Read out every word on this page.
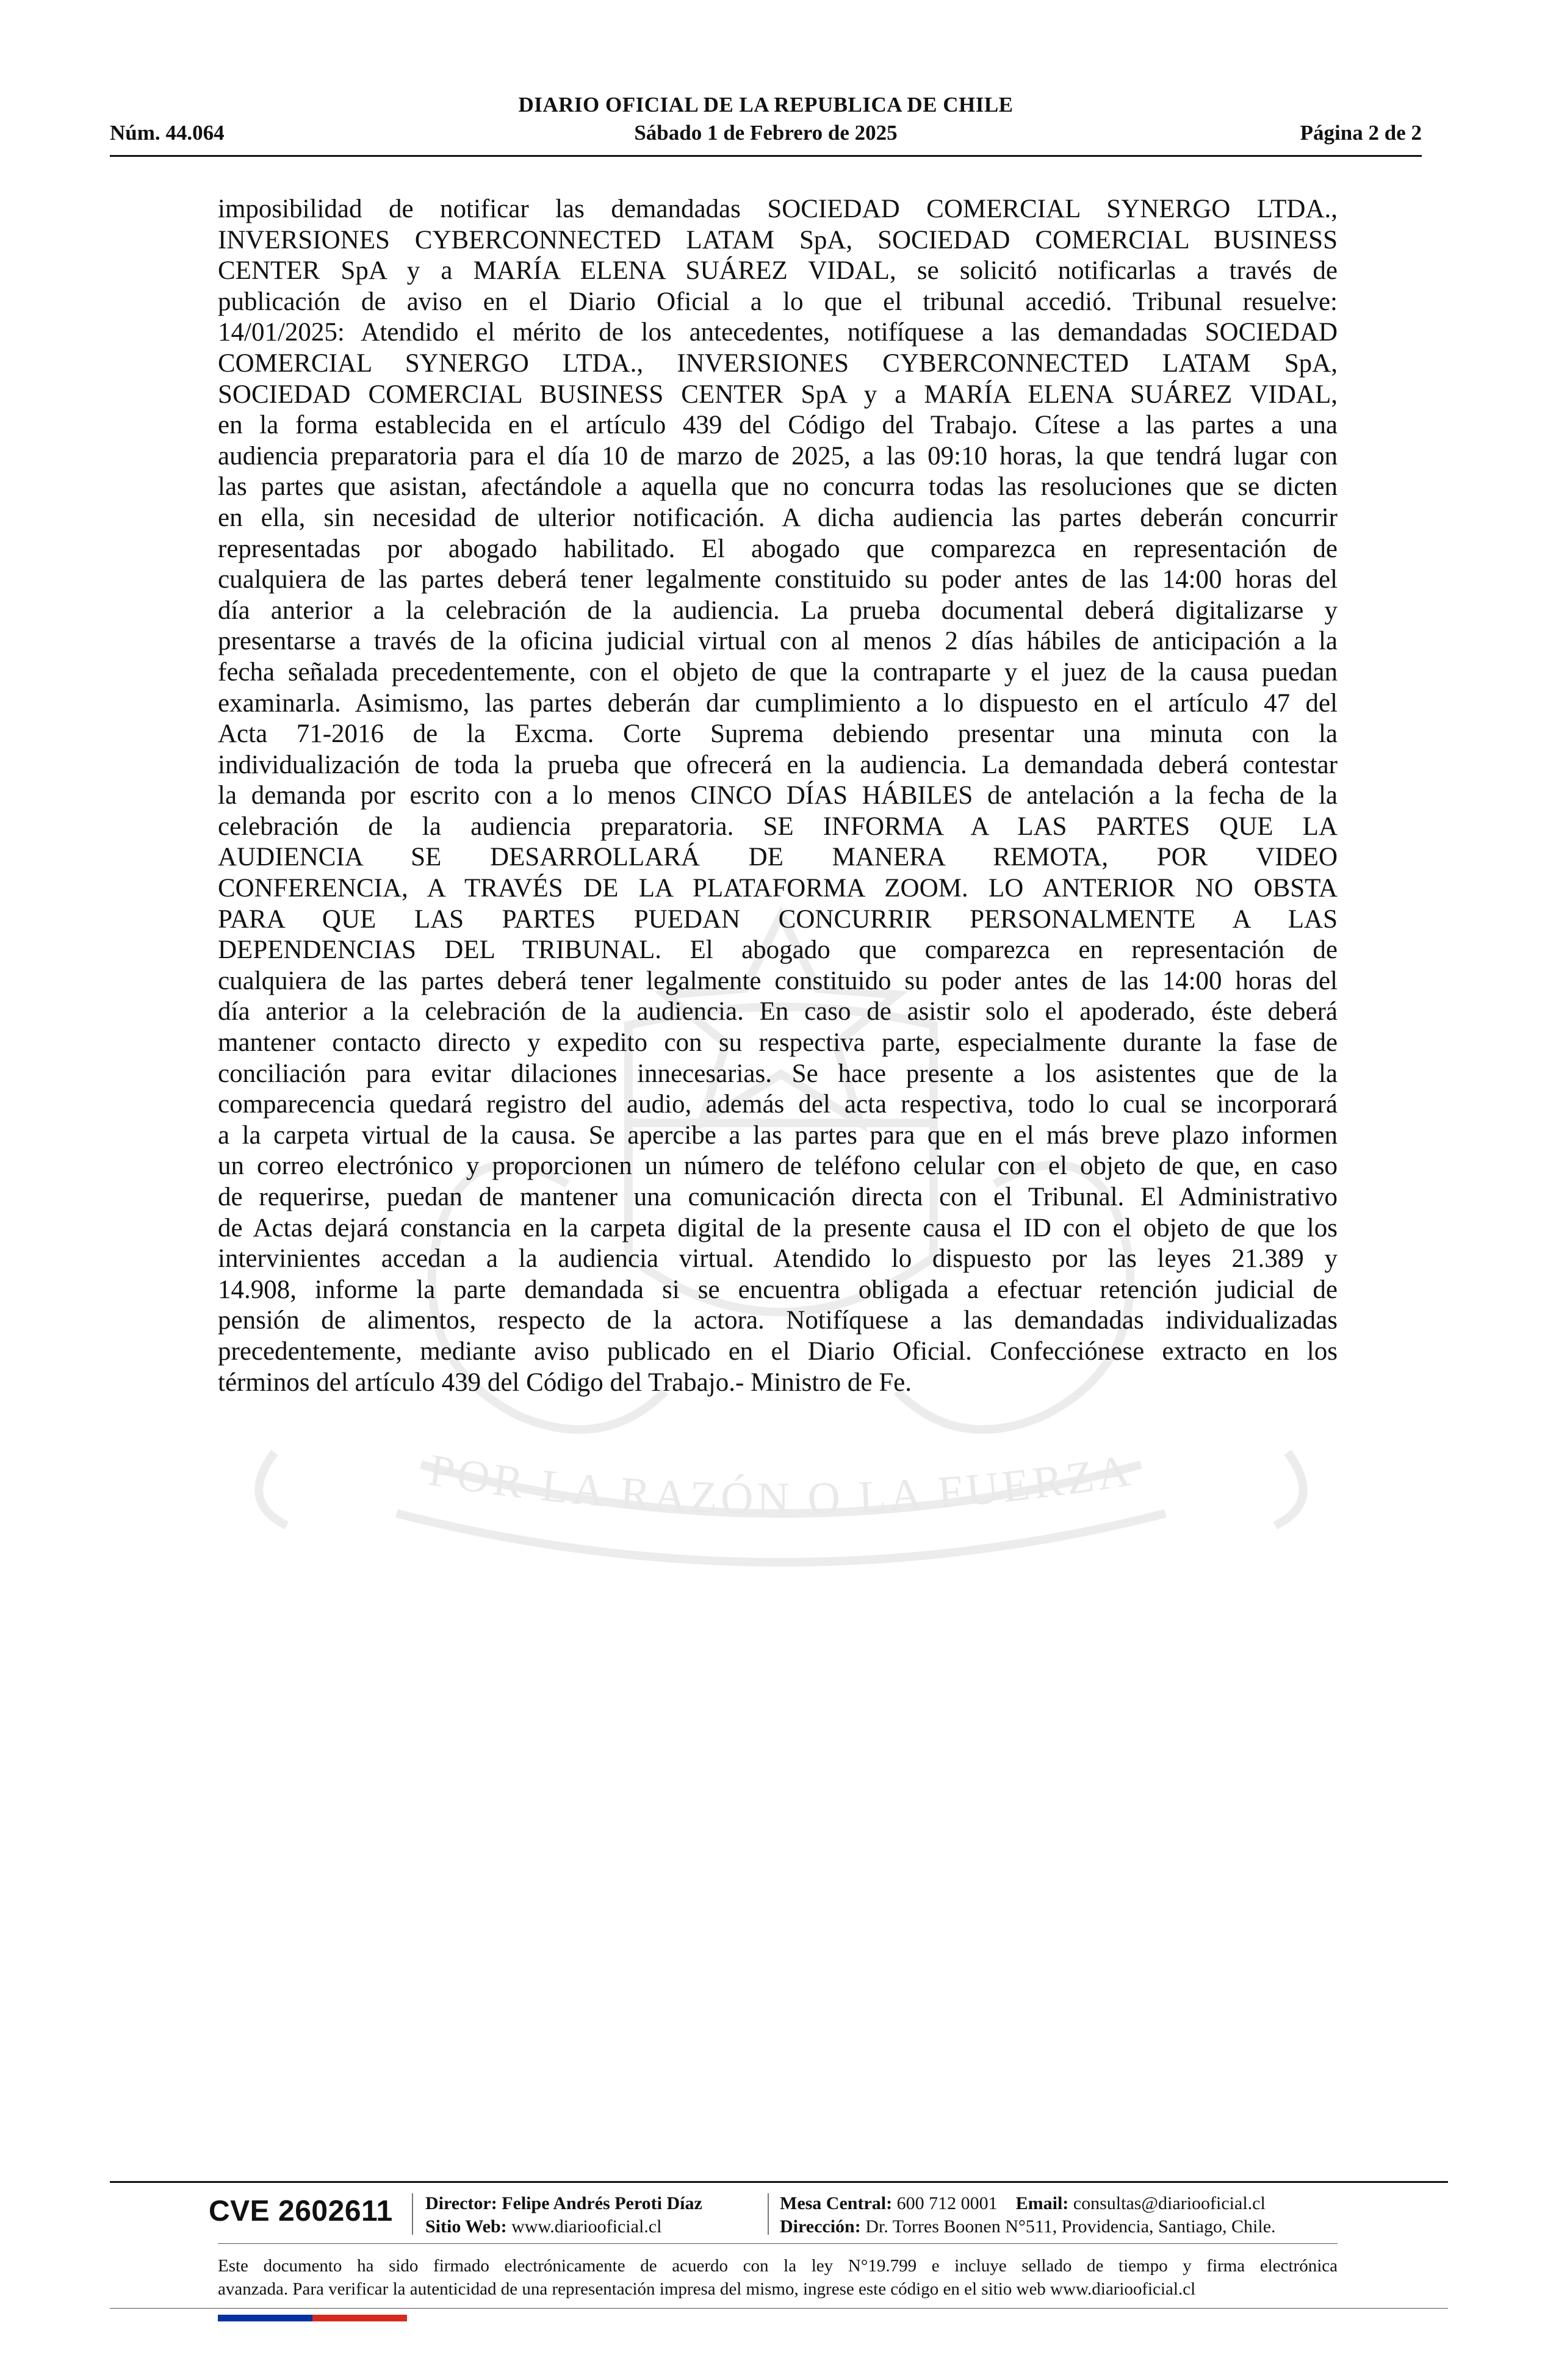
DIARIO OFICIAL DE LA REPUBLICA DE CHILE
Núm. 44.064	Sábado 1 de Febrero de 2025	Página 2 de 2
POR LA RAZÓN O LA FUERZA
imposibilidad de notificar las demandadas SOCIEDAD COMERCIAL SYNERGO LTDA.,
INVERSIONES CYBERCONNECTED LATAM SpA, SOCIEDAD COMERCIAL BUSINESS
CENTER SpA y a MARÍA ELENA SUÁREZ VIDAL, se solicitó notificarlas a través de
publicación de aviso en el Diario Oficial a lo que el tribunal accedió. Tribunal resuelve:
14/01/2025: Atendido el mérito de los antecedentes, notifíquese a las demandadas SOCIEDAD
COMERCIAL SYNERGO LTDA., INVERSIONES CYBERCONNECTED LATAM SpA,
SOCIEDAD COMERCIAL BUSINESS CENTER SpA y a MARÍA ELENA SUÁREZ VIDAL,
en la forma establecida en el artículo 439 del Código del Trabajo. Cítese a las partes a una
audiencia preparatoria para el día 10 de marzo de 2025, a las 09:10 horas, la que tendrá lugar con
las partes que asistan, afectándole a aquella que no concurra todas las resoluciones que se dicten
en ella, sin necesidad de ulterior notificación. A dicha audiencia las partes deberán concurrir
representadas por abogado habilitado. El abogado que comparezca en representación de
cualquiera de las partes deberá tener legalmente constituido su poder antes de las 14:00 horas del
día anterior a la celebración de la audiencia. La prueba documental deberá digitalizarse y
presentarse a través de la oficina judicial virtual con al menos 2 días hábiles de anticipación a la
fecha señalada precedentemente, con el objeto de que la contraparte y el juez de la causa puedan
examinarla. Asimismo, las partes deberán dar cumplimiento a lo dispuesto en el artículo 47 del
Acta 71-2016 de la Excma. Corte Suprema debiendo presentar una minuta con la
individualización de toda la prueba que ofrecerá en la audiencia. La demandada deberá contestar
la demanda por escrito con a lo menos CINCO DÍAS HÁBILES de antelación a la fecha de la
celebración de la audiencia preparatoria. SE INFORMA A LAS PARTES QUE LA
AUDIENCIA SE DESARROLLARÁ DE MANERA REMOTA, POR VIDEO
CONFERENCIA, A TRAVÉS DE LA PLATAFORMA ZOOM. LO ANTERIOR NO OBSTA
PARA QUE LAS PARTES PUEDAN CONCURRIR PERSONALMENTE A LAS
DEPENDENCIAS DEL TRIBUNAL. El abogado que comparezca en representación de
cualquiera de las partes deberá tener legalmente constituido su poder antes de las 14:00 horas del
día anterior a la celebración de la audiencia. En caso de asistir solo el apoderado, éste deberá
mantener contacto directo y expedito con su respectiva parte, especialmente durante la fase de
conciliación para evitar dilaciones innecesarias. Se hace presente a los asistentes que de la
comparecencia quedará registro del audio, además del acta respectiva, todo lo cual se incorporará
a la carpeta virtual de la causa. Se apercibe a las partes para que en el más breve plazo informen
un correo electrónico y proporcionen un número de teléfono celular con el objeto de que, en caso
de requerirse, puedan de mantener una comunicación directa con el Tribunal. El Administrativo
de Actas dejará constancia en la carpeta digital de la presente causa el ID con el objeto de que los
intervinientes accedan a la audiencia virtual. Atendido lo dispuesto por las leyes 21.389 y
14.908, informe la parte demandada si se encuentra obligada a efectuar retención judicial de
pensión de alimentos, respecto de la actora. Notifíquese a las demandadas individualizadas
precedentemente, mediante aviso publicado en el Diario Oficial. Confecciónese extracto en los
términos del artículo 439 del Código del Trabajo.- Ministro de Fe.
CVE 2602611 Director: Felipe Andrés Peroti Díaz
Sitio Web: www.diariooficial.cl
Mesa Central: 600 712 0001 Email: consultas@diariooficial.cl
Dirección: Dr. Torres Boonen N°511, Providencia, Santiago, Chile.
Este documento ha sido firmado electrónicamente de acuerdo con la ley N°19.799 e incluye sellado de tiempo y firma electrónica
avanzada. Para verificar la autenticidad de una representación impresa del mismo, ingrese este código en el sitio web www.diariooficial.cl
